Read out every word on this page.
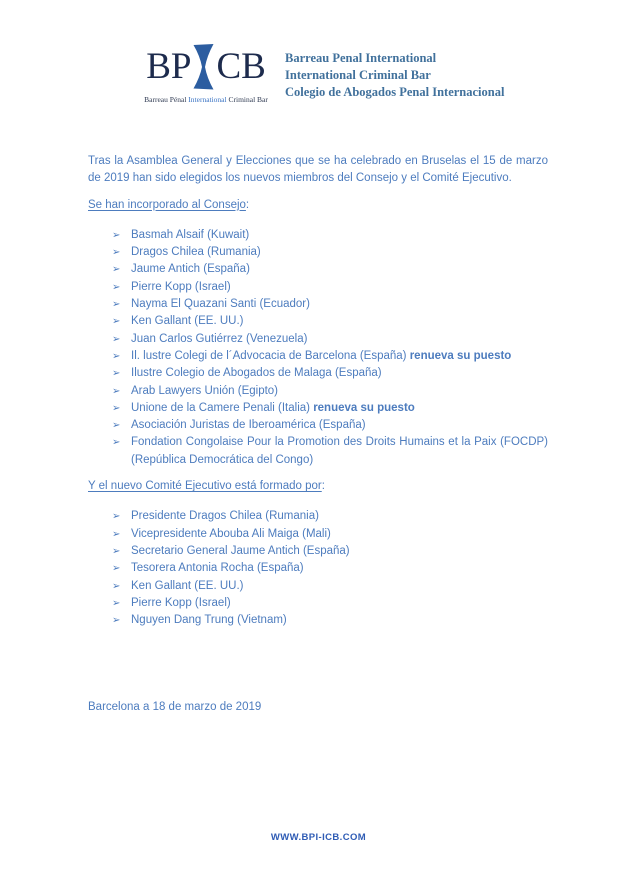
BP CB
Barreau Pénal International Criminal Bar
Barreau Penal International
International Criminal Bar
Colegio de Abogados Penal Internacional

Tras la Asamblea General y Elecciones que se ha celebrado en Bruselas el 15 de marzo de 2019 han sido elegidos los nuevos miembros del Consejo y el Comité Ejecutivo.

Se han incorporado al Consejo:
➢ Basmah Alsaif (Kuwait)
➢ Dragos Chilea (Rumania)
➢ Jaume Antich (España)
➢ Pierre Kopp (Israel)
➢ Nayma El Quazani Santi (Ecuador)
➢ Ken Gallant (EE. UU.)
➢ Juan Carlos Gutiérrez (Venezuela)
➢ Il. lustre Colegi de l´Advocacia de Barcelona (España) renueva su puesto
➢ Ilustre Colegio de Abogados de Malaga (España)
➢ Arab Lawyers Unión (Egipto)
➢ Unione de la Camere Penali (Italia) renueva su puesto
➢ Asociación Juristas de Iberoamérica (España)
➢ Fondation Congolaise Pour la Promotion des Droits Humains et la Paix (FOCDP) (República Democrática del Congo)
Y el nuevo Comité Ejecutivo está formado por:
➢ Presidente Dragos Chilea (Rumania)
➢ Vicepresidente Abouba Ali Maiga (Mali)
➢ Secretario General Jaume Antich (España)
➢ Tesorera Antonia Rocha (España)
➢ Ken Gallant (EE. UU.)
➢ Pierre Kopp (Israel)
➢ Nguyen Dang Trung (Vietnam)

Barcelona a 18 de marzo de 2019

WWW.BPI-ICB.COM
